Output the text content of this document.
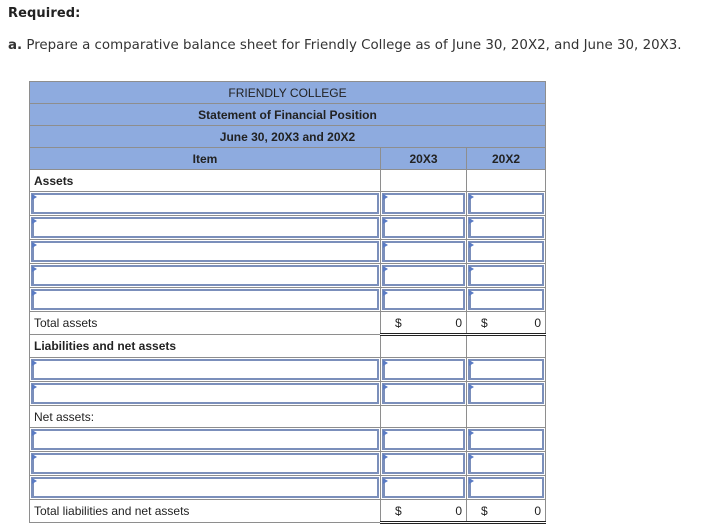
Required:
a. Prepare a comparative balance sheet for Friendly College as of June 30, 20X2, and June 30, 20X3.
FRIENDLY COLLEGE		
Statement of Financial Position		
June 30, 20X3 and 20X2		
Item	20X3	20X2
Assets		

Total assets	$ 0	$ 0

Liabilities and net assets		

Net assets:		

Total liabilities and net assets	$ 0	$ 0
